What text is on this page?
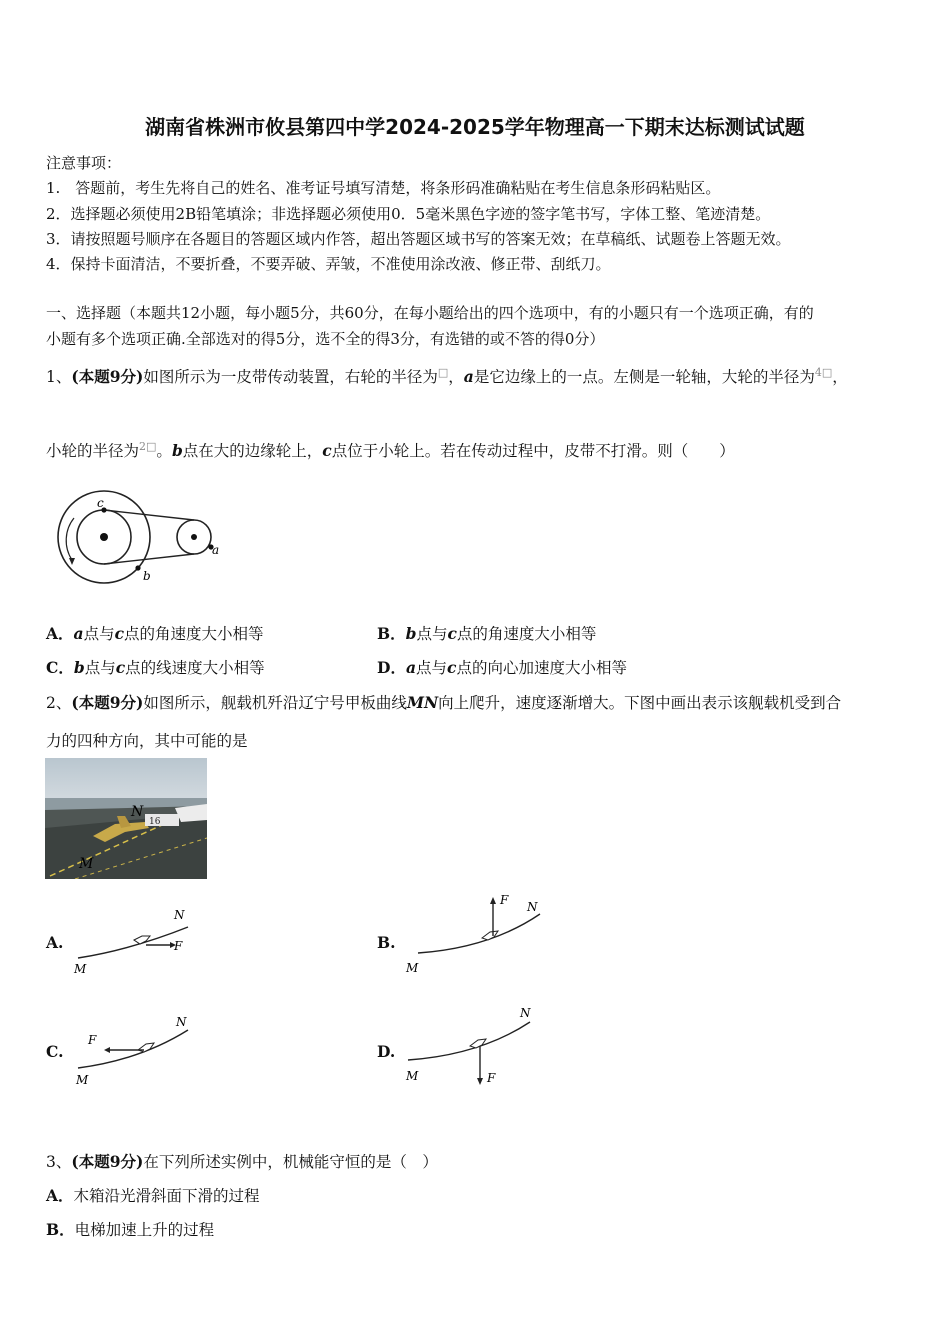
湖南省株洲市攸县第四中学2024-2025学年物理高一下期末达标测试试题
注意事项：
1.　答题前，考生先将自己的姓名、准考证号填写清楚，将条形码准确粘贴在考生信息条形码粘贴区。
2．选择题必须使用2B铅笔填涂；非选择题必须使用0．5毫米黑色字迹的签字笔书写，字体工整、笔迹清楚。
3．请按照题号顺序在各题目的答题区域内作答，超出答题区域书写的答案无效；在草稿纸、试题卷上答题无效。
4．保持卡面清洁，不要折叠，不要弄破、弄皱，不准使用涂改液、修正带、刮纸刀。
一、选择题（本题共12小题，每小题5分，共60分，在每小题给出的四个选项中，有的小题只有一个选项正确，有的
小题有多个选项正确.全部选对的得5分，选不全的得3分，有选错的或不答的得0分）
1、(本题9分)如图所示为一皮带传动装置，右轮的半径为□，a是它边缘上的一点。左侧是一轮轴，大轮的半径为$^{4□}$，
小轮的半径为$^{2□}$。b点在大的边缘轮上，c点位于小轮上。若在传动过程中，皮带不打滑。则（　　）
c
a
b
A．a点与c点的角速度大小相等	B．b点与c点的角速度大小相等
C．b点与c点的线速度大小相等	D．a点与c点的向心加速度大小相等
2、(本题9分)如图所示，舰载机歼沿辽宁号甲板曲线MN向上爬升，速度逐渐增大。下图中画出表示该舰载机受到合
力的四种方向，其中可能的是
16
N
M
A.
M
N
F	B.
M
N
F
C.
M
N
F
D.
M
N
F
3、(本题9分)在下列所述实例中，机械能守恒的是（　）
A．木箱沿光滑斜面下滑的过程
B．电梯加速上升的过程
